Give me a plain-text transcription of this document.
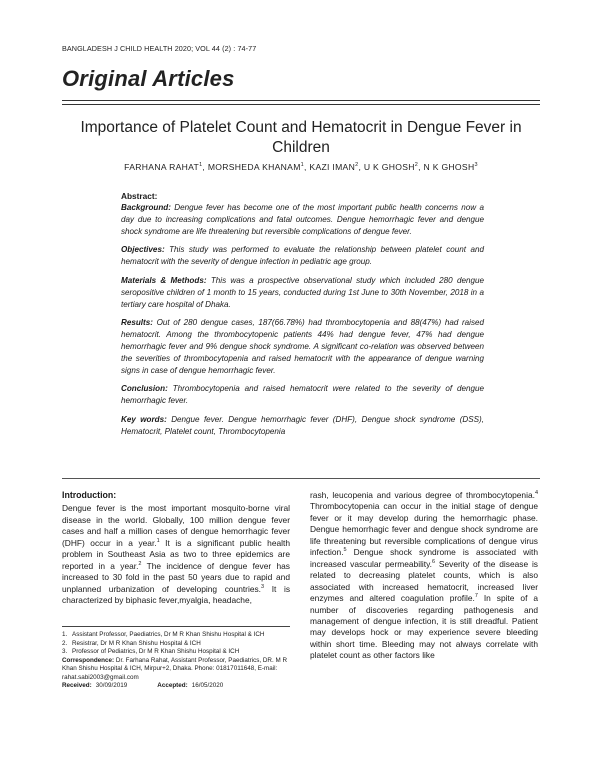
BANGLADESH J CHILD HEALTH 2020; VOL 44 (2) : 74-77
Original Articles
Importance of Platelet Count and Hematocrit in Dengue Fever in Children
FARHANA RAHAT$^1$, MORSHEDA KHANAM$^1$, KAZI IMAN$^2$, U K GHOSH$^2$, N K GHOSH$^3$
Abstract:

Background: Dengue fever has become one of the most important public health concerns now a day due to increasing complications and fatal outcomes. Dengue hemorrhagic fever and dengue shock syndrome are life threatening but reversible complications of dengue fever.

Objectives: This study was performed to evaluate the relationship between platelet count and hematocrit with the severity of dengue infection in pediatric age group.

Materials & Methods: This was a prospective observational study which included 280 dengue seropositive children of 1 month to 15 years, conducted during 1st June to 30th November, 2018 in a tertiary care hospital of Dhaka.

Results: Out of 280 dengue cases, 187(66.78%) had thrombocytopenia and 88(47%) had raised hematocrit. Among the thrombocytopenic patients 44% had dengue fever, 47% had dengue hemorrhagic fever and 9% dengue shock syndrome. A significant co-relation was observed between the severities of thrombocytopenia and raised hematocrit with the appearance of dengue warning signs in case of dengue hemorrhagic fever.

Conclusion: Thrombocytopenia and raised hematocrit were related to the severity of dengue hemorrhagic fever.

Key words: Dengue fever. Dengue hemorrhagic fever (DHF), Dengue shock syndrome (DSS), Hematocrit, Platelet count, Thrombocytopenia

Introduction:

Dengue fever is the most important mosquito-borne viral disease in the world. Globally, 100 million dengue fever cases and half a million cases of dengue hemorrhagic fever (DHF) occur in a year.$^1$ It is a significant public health problem in Southeast Asia as two to three epidemics are reported in a year.$^2$ The incidence of dengue fever has increased to 30 fold in the past 50 years due to rapid and unplanned urbanization of developing countries.$^3$ It is characterized by biphasic fever,myalgia, headache,

1. Assistant Professor, Paediatrics, Dr M R Khan Shishu Hospital & ICH
2. Resistrar, Dr M R Khan Shishu Hospital & ICH
3. Professor of Pediatrics, Dr M R Khan Shishu Hospital & ICH
Correspondence: Dr. Farhana Rahat, Assistant Professor, Paediatrics, DR. M R Khan Shishu Hospital & ICH, Mirpur+2, Dhaka. Phone: 01817011648, E-mail: rahat.sabi2003@gmail.com
Received: 30/09/2019	Accepted: 16/05/2020

rash, leucopenia and various degree of thrombocytopenia.$^4$ Thrombocytopenia can occur in the initial stage of dengue fever or it may develop during the hemorrhagic phase. Dengue hemorrhagic fever and dengue shock syndrome are life threatening but reversible complications of dengue virus infection.$^5$ Dengue shock syndrome is associated with increased vascular permeability.$^6$ Severity of the disease is related to decreasing platelet counts, which is also associated with increased hematocrit, increased liver enzymes and altered coagulation profile.$^7$ In spite of a number of discoveries regarding pathogenesis and management of dengue infection, it is still dreadful. Patient may develops hock or may experience severe bleeding within short time. Bleeding may not always correlate with platelet count as other factors like
